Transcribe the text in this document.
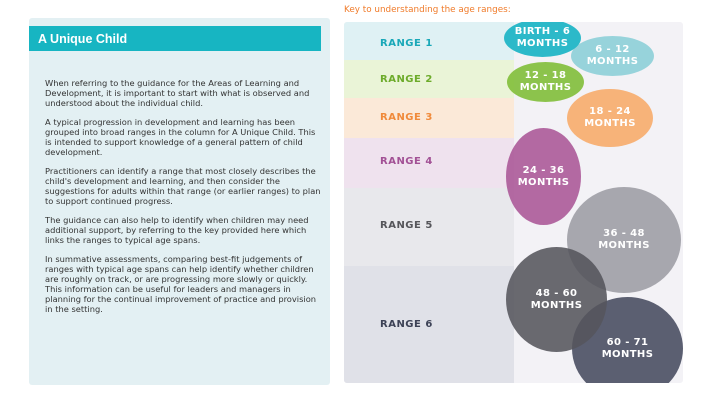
A Unique Child

When referring to the guidance for the Areas of Learning and Development, it is important to start with what is observed and understood about the individual child.

A typical progression in development and learning has been grouped into broad ranges in the column for A Unique Child. This is intended to support knowledge of a general pattern of child development.

Practitioners can identify a range that most closely describes the child's development and learning, and then consider the suggestions for adults within that range (or earlier ranges) to plan to support continued progress.

The guidance can also help to identify when children may need additional support, by referring to the key provided here which links the ranges to typical age spans.

In summative assessments, comparing best-fit judgements of ranges with typical age spans can help identify whether children are roughly on track, or are progressing more slowly or quickly. This information can be useful for leaders and managers in planning for the continual improvement of practice and provision in the setting.

Key to understanding the age ranges:
RANGE 1
RANGE 2
RANGE 3
RANGE 4
RANGE 5
RANGE 6
6 - 12
MONTHS
BIRTH - 6
MONTHS
12 - 18
MONTHS
18 - 24
MONTHS
36 - 48
MONTHS
24 - 36
MONTHS
60 - 71
MONTHS
48 - 60
MONTHS
